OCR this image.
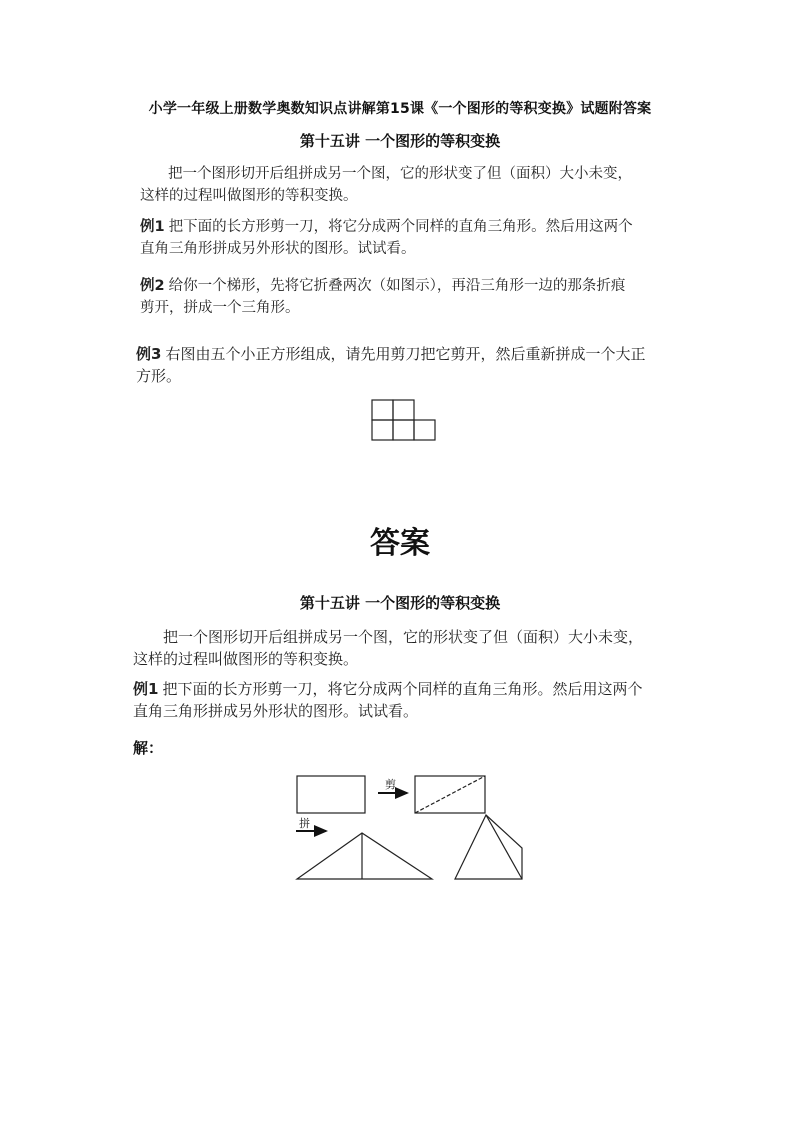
小学一年级上册数学奥数知识点讲解第15课《一个图形的等积变换》试题附答案
第十五讲 一个图形的等积变换
把一个图形切开后组拼成另一个图，它的形状变了但（面积）大小未变，
这样的过程叫做图形的等积变换。
例1 把下面的长方形剪一刀，将它分成两个同样的直角三角形。然后用这两个
直角三角形拼成另外形状的图形。试试看。
例2 给你一个梯形，先将它折叠两次（如图示），再沿三角形一边的那条折痕
剪开，拼成一个三角形。
例3 右图由五个小正方形组成，请先用剪刀把它剪开，然后重新拼成一个大正
方形。
答案
第十五讲 一个图形的等积变换
把一个图形切开后组拼成另一个图，它的形状变了但（面积）大小未变，
这样的过程叫做图形的等积变换。
例1 把下面的长方形剪一刀，将它分成两个同样的直角三角形。然后用这两个
直角三角形拼成另外形状的图形。试试看。
解：
剪
拼
